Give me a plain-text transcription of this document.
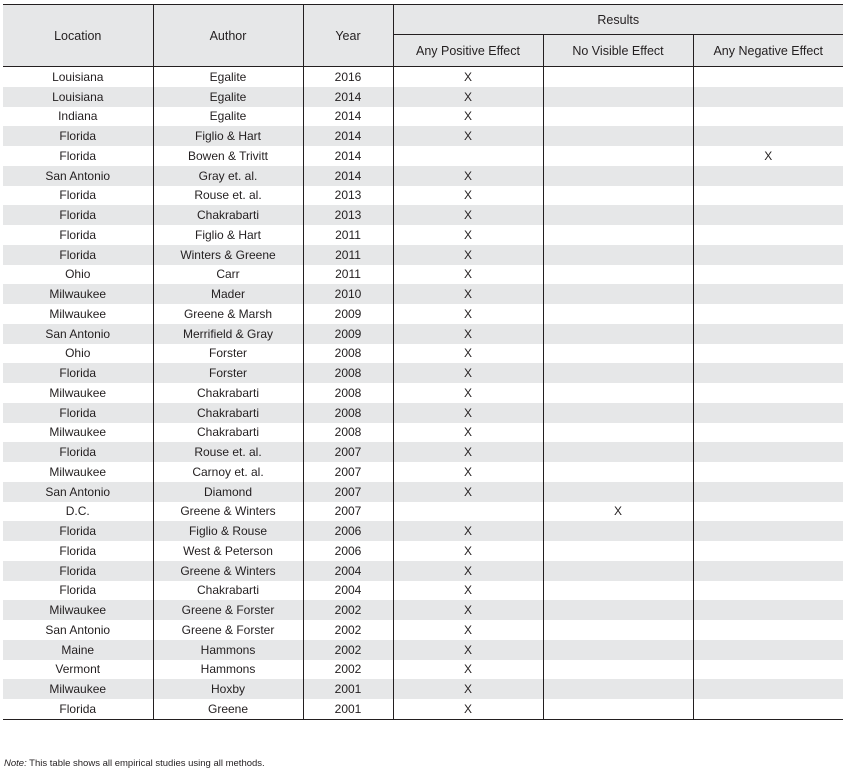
Location	Author	Year	Results		
			Any Positive Effect	No Visible Effect	Any Negative Effect
Louisiana	Egalite	2016	X		
Louisiana	Egalite	2014	X		
Indiana	Egalite	2014	X		
Florida	Figlio & Hart	2014	X		
Florida	Bowen & Trivitt	2014			X
San Antonio	Gray et. al.	2014	X		
Florida	Rouse et. al.	2013	X		
Florida	Chakrabarti	2013	X		
Florida	Figlio & Hart	2011	X		
Florida	Winters & Greene	2011	X		
Ohio	Carr	2011	X		
Milwaukee	Mader	2010	X		
Milwaukee	Greene & Marsh	2009	X		
San Antonio	Merrifield & Gray	2009	X		
Ohio	Forster	2008	X		
Florida	Forster	2008	X		
Milwaukee	Chakrabarti	2008	X		
Florida	Chakrabarti	2008	X		
Milwaukee	Chakrabarti	2008	X		
Florida	Rouse et. al.	2007	X		
Milwaukee	Carnoy et. al.	2007	X		
San Antonio	Diamond	2007	X		
D.C.	Greene & Winters	2007		X	
Florida	Figlio & Rouse	2006	X		
Florida	West & Peterson	2006	X		
Florida	Greene & Winters	2004	X		
Florida	Chakrabarti	2004	X		
Milwaukee	Greene & Forster	2002	X		
San Antonio	Greene & Forster	2002	X		
Maine	Hammons	2002	X		
Vermont	Hammons	2002	X		
Milwaukee	Hoxby	2001	X		
Florida	Greene	2001	X		
Note: This table shows all empirical studies using all methods.
